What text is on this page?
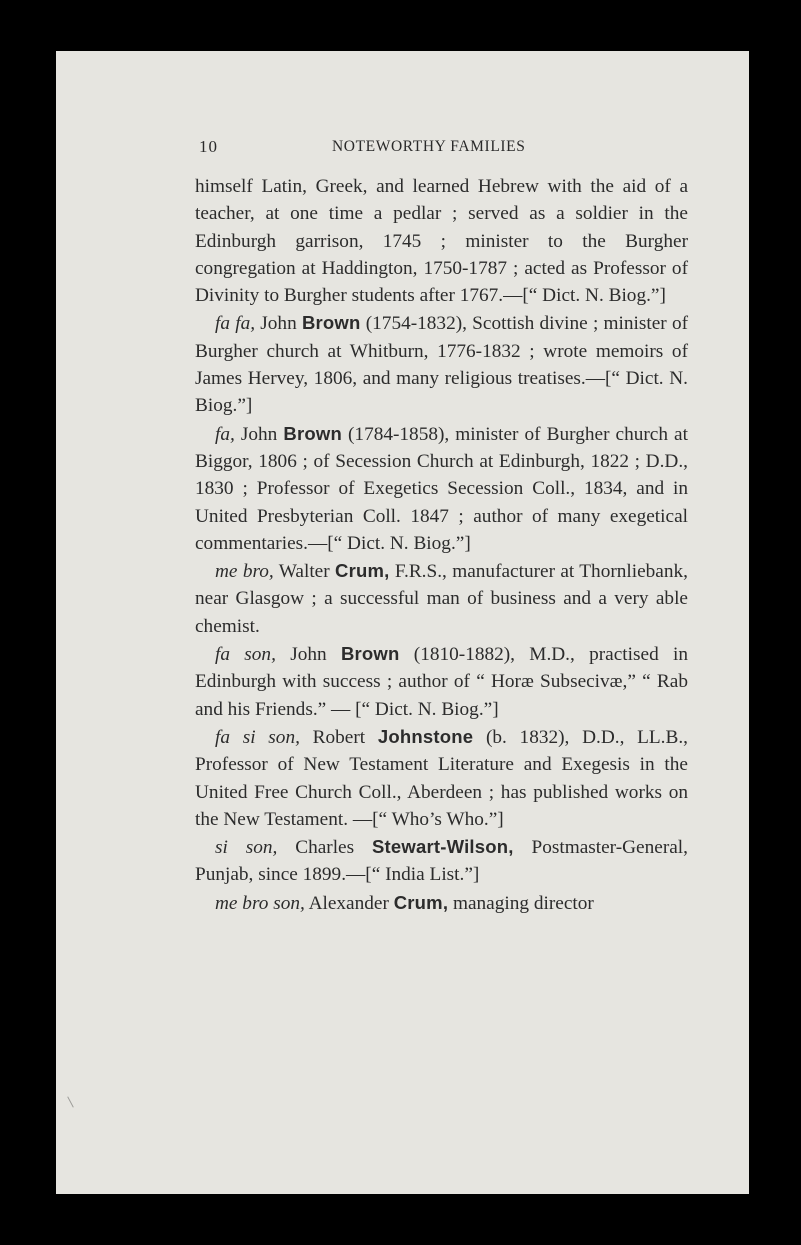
10	NOTEWORTHY FAMILIES

himself Latin, Greek, and learned Hebrew with the aid of a teacher, at one time a pedlar ; served as a soldier in the Edinburgh garrison, 1745 ; minister to the Burgher congregation at Haddington, 1750-1787 ; acted as Professor of Divinity to Burgher students after 1767.—[“ Dict. N. Biog.”]

fa fa, John Brown (1754-1832), Scottish divine ; minister of Burgher church at Whitburn, 1776-1832 ; wrote memoirs of James Hervey, 1806, and many religious treatises.—[“ Dict. N. Biog.”]

fa, John Brown (1784-1858), minister of Burgher church at Biggor, 1806 ; of Secession Church at Edinburgh, 1822 ; D.D., 1830 ; Professor of Exegetics Secession Coll., 1834, and in United Presbyterian Coll. 1847 ; author of many exegetical commentaries.—[“ Dict. N. Biog.”]

me bro, Walter Crum, F.R.S., manufacturer at Thornliebank, near Glasgow ; a successful man of business and a very able chemist.

fa son, John Brown (1810-1882), M.D., practised in Edinburgh with success ; author of “ Horæ Subsecivæ,” “ Rab and his Friends.” — [“ Dict. N. Biog.”]

fa si son, Robert Johnstone (b. 1832), D.D., LL.B., Professor of New Testament Literature and Exegesis in the United Free Church Coll., Aberdeen ; has published works on the New Testament. —[“ Who’s Who.”]

si son, Charles Stewart-Wilson, Postmaster-General, Punjab, since 1899.—[“ India List.”]

me bro son, Alexander Crum, managing director
